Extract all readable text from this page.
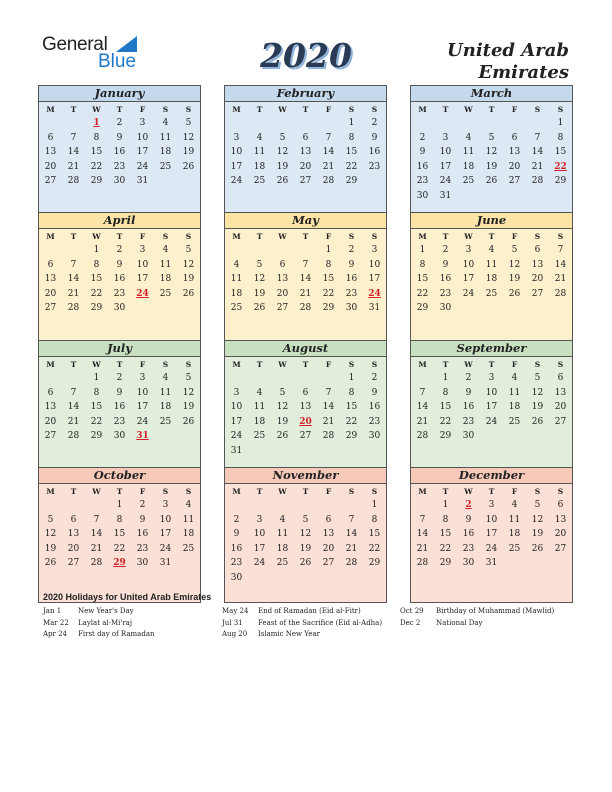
General
Blue	2020	United Arab
Emirates
January
M	T	W	T	F	S	S
		1	2	3	4	5
6	7	8	9	10	11	12
13	14	15	16	17	18	19
20	21	22	23	24	25	26
27	28	29	30	31		
February
M	T	W	T	F	S	S
					1	2
3	4	5	6	7	8	9
10	11	12	13	14	15	16
17	18	19	20	21	22	23
24	25	26	27	28	29	
March
M	T	W	T	F	S	S
						1
2	3	4	5	6	7	8
9	10	11	12	13	14	15
16	17	18	19	20	21	22
23	24	25	26	27	28	29
30	31					
April
M	T	W	T	F	S	S
		1	2	3	4	5
6	7	8	9	10	11	12
13	14	15	16	17	18	19
20	21	22	23	24	25	26
27	28	29	30			
May
M	T	W	T	F	S	S
				1	2	3
4	5	6	7	8	9	10
11	12	13	14	15	16	17
18	19	20	21	22	23	24
25	26	27	28	29	30	31
June
M	T	W	T	F	S	S
1	2	3	4	5	6	7
8	9	10	11	12	13	14
15	16	17	18	19	20	21
22	23	24	25	26	27	28
29	30					
July
M	T	W	T	F	S	S
		1	2	3	4	5
6	7	8	9	10	11	12
13	14	15	16	17	18	19
20	21	22	23	24	25	26
27	28	29	30	31		
August
M	T	W	T	F	S	S
					1	2
3	4	5	6	7	8	9
10	11	12	13	14	15	16
17	18	19	20	21	22	23
24	25	26	27	28	29	30
31						
September
M	T	W	T	F	S	S
	1	2	3	4	5	6
7	8	9	10	11	12	13
14	15	16	17	18	19	20
21	22	23	24	25	26	27
28	29	30				
October
M	T	W	T	F	S	S
			1	2	3	4
5	6	7	8	9	10	11
12	13	14	15	16	17	18
19	20	21	22	23	24	25
26	27	28	29	30	31	
November
M	T	W	T	F	S	S
						1
2	3	4	5	6	7	8
9	10	11	12	13	14	15
16	17	18	19	20	21	22
23	24	25	26	27	28	29
30						
December
M	T	W	T	F	S	S
	1	2	3	4	5	6
7	8	9	10	11	12	13
14	15	16	17	18	19	20
21	22	23	24	25	26	27
28	29	30	31			
2020 Holidays for United Arab Emirates
Jan 1 New Year's Day
Mar 22 Laylat al-Mi'raj
Apr 24 First day of Ramadan
May 24 End of Ramadan (Eid al-Fitr)
Jul 31 Feast of the Sacrifice (Eid al-Adha)
Aug 20 Islamic New Year
Oct 29 Birthday of Muhammad (Mawlid)
Dec 2 National Day
